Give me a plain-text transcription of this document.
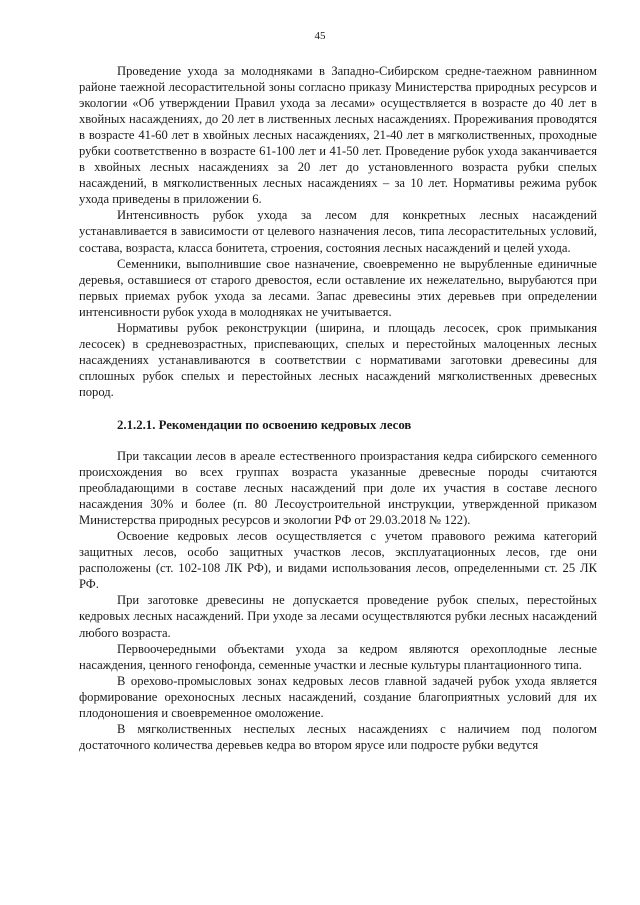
45

Проведение ухода за молодняками в Западно-Сибирском средне-таежном равнинном районе таежной лесорастительной зоны согласно приказу Министерства природных ресурсов и экологии «Об утверждении Правил ухода за лесами» осуществляется в возрасте до 40 лет в хвойных насаждениях, до 20 лет в лиственных лесных насаждениях. Прореживания проводятся в возрасте 41-60 лет в хвойных лесных насаждениях, 21-40 лет в мягколиственных, проходные рубки соответственно в возрасте 61-100 лет и 41-50 лет. Проведение рубок ухода заканчивается в хвойных лесных насаждениях за 20 лет до установленного возраста рубки спелых насаждений, в мягколиственных лесных насаждениях – за 10 лет. Нормативы режима рубок ухода приведены в приложении 6.

Интенсивность рубок ухода за лесом для конкретных лесных насаждений устанавливается в зависимости от целевого назначения лесов, типа лесорастительных условий, состава, возраста, класса бонитета, строения, состояния лесных насаждений и целей ухода.

Семенники, выполнившие свое назначение, своевременно не вырубленные единичные деревья, оставшиеся от старого древостоя, если оставление их нежелательно, вырубаются при первых приемах рубок ухода за лесами. Запас древесины этих деревьев при определении интенсивности рубок ухода в молодняках не учитывается.

Нормативы рубок реконструкции (ширина, и площадь лесосек, срок примыкания лесосек) в средневозрастных, приспевающих, спелых и перестойных малоценных лесных насаждениях устанавливаются в соответствии с нормативами заготовки древесины для сплошных рубок спелых и перестойных лесных насаждений мягколиственных древесных пород.

2.1.2.1. Рекомендации по освоению кедровых лесов

При таксации лесов в ареале естественного произрастания кедра сибирского семенного происхождения во всех группах возраста указанные древесные породы считаются преобладающими в составе лесных насаждений при доле их участия в составе лесного насаждения 30% и более (п. 80 Лесоустроительной инструкции, утвержденной приказом Министерства природных ресурсов и экологии РФ от 29.03.2018 № 122).

Освоение кедровых лесов осуществляется с учетом правового режима категорий защитных лесов, особо защитных участков лесов, эксплуатационных лесов, где они расположены (ст. 102-108 ЛК РФ), и видами использования лесов, определенными ст. 25 ЛК РФ.

При заготовке древесины не допускается проведение рубок спелых, перестойных кедровых лесных насаждений. При уходе за лесами осуществляются рубки лесных насаждений любого возраста.

Первоочередными объектами ухода за кедром являются орехоплодные лесные насаждения, ценного генофонда, семенные участки и лесные культуры плантационного типа.

В орехово-промысловых зонах кедровых лесов главной задачей рубок ухода является формирование орехоносных лесных насаждений, создание благоприятных условий для их плодоношения и своевременное омоложение.

В мягколиственных неспелых лесных насаждениях с наличием под пологом достаточного количества деревьев кедра во втором ярусе или подросте рубки ведутся
